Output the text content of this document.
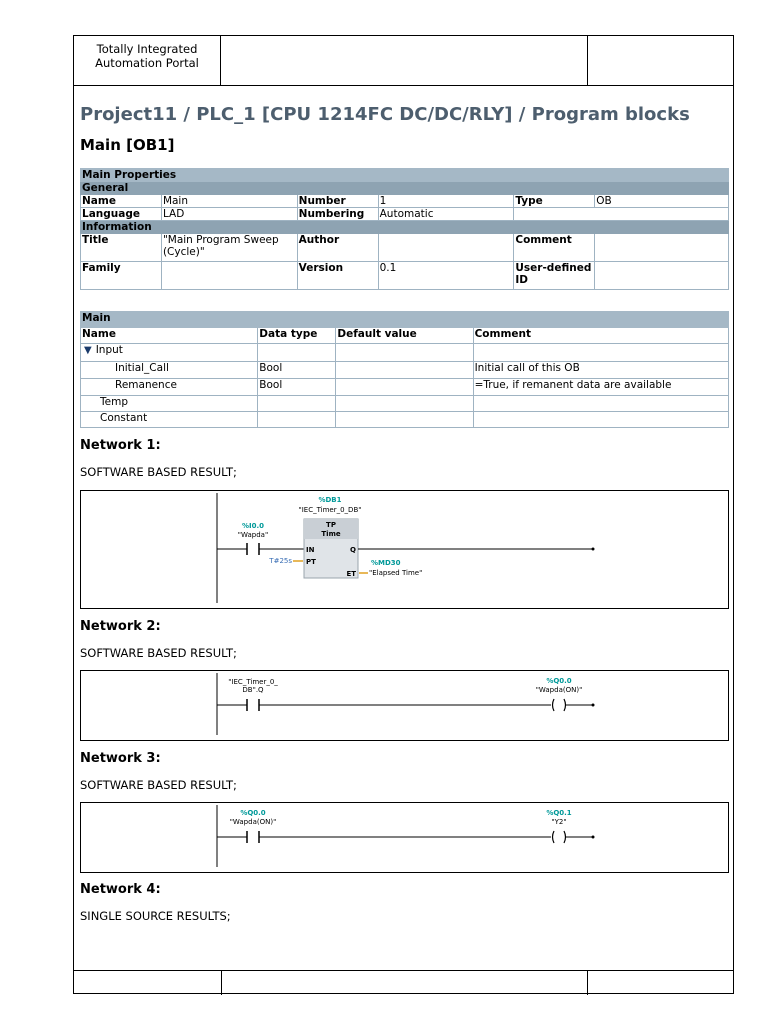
Totally Integrated
Automation Portal
Project11 / PLC_1 [CPU 1214FC DC/DC/RLY] / Program blocks
Main [OB1]
Main Properties					
General					
Name	Main	Number	1	Type	OB
Language	LAD	Numbering	Automatic		
Information					
Title	"Main Program Sweep (Cycle)"	Author		Comment	
Family		Version	0.1	User-defined ID	
Main			
Name	Data type	Default value	Comment
▼ Input			
Initial_Call	Bool		Initial call of this OB
Remanence	Bool		=True, if remanent data are available
Temp			
Constant			
Network 1:
SOFTWARE BASED RESULT;
%I0.0
"Wapda"
%DB1
"IEC_Timer_0_DB"
TP
Time
IN
PT
Q
ET
T#25s	%MD30
"Elapsed Time"
Network 2:
SOFTWARE BASED RESULT;
"IEC_Timer_0_
DB".Q
%Q0.0
"Wapda(ON)"
Network 3:
SOFTWARE BASED RESULT;
%Q0.0
"Wapda(ON)"
%Q0.1
"Y2"
Network 4:
SINGLE SOURCE RESULTS;
